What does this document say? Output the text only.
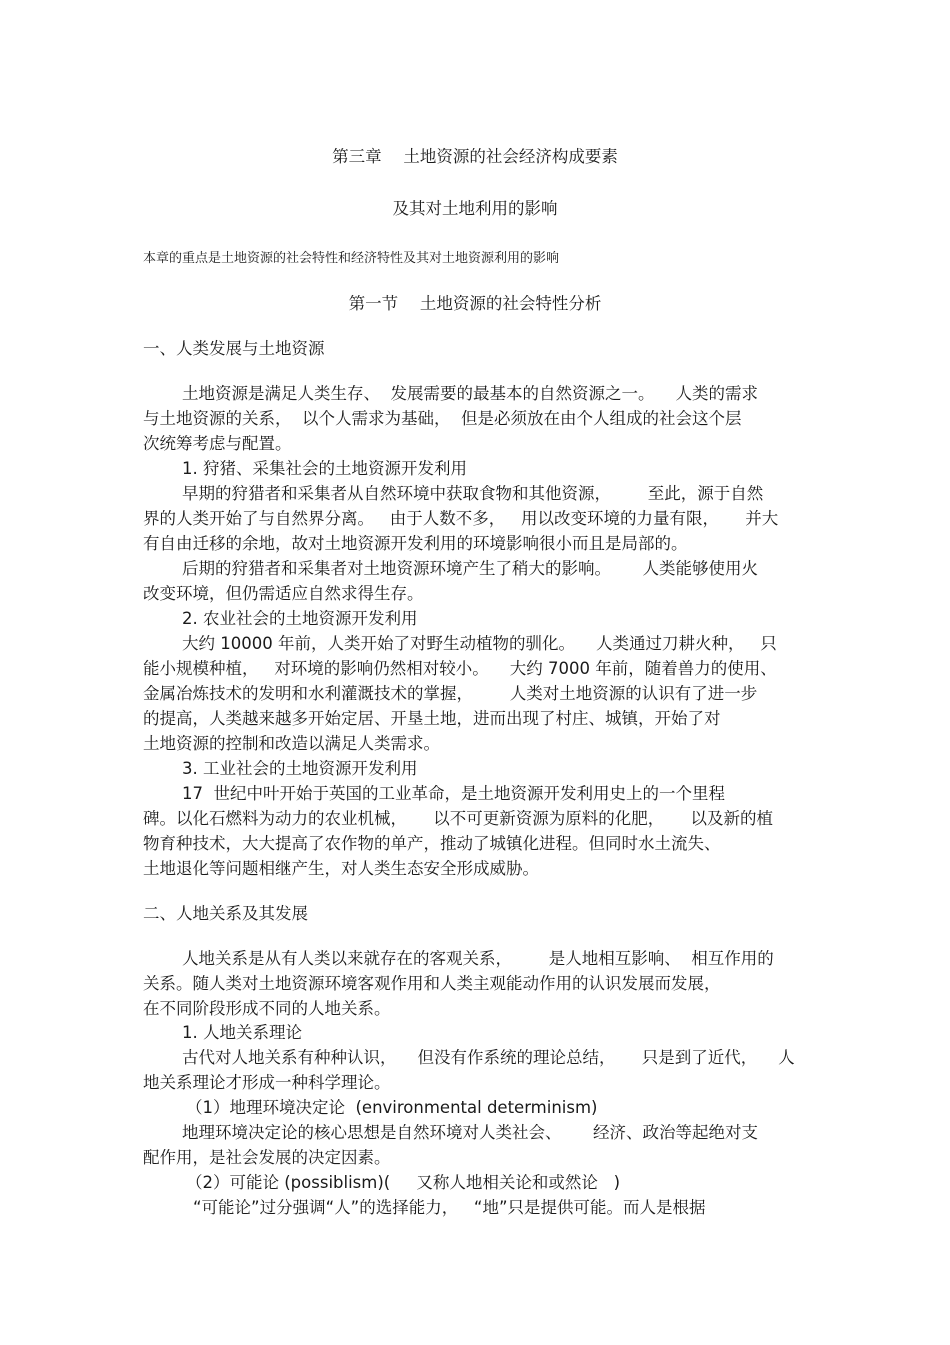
第三章　 土地资源的社会经济构成要素
及其对土地利用的影响
本章的重点是土地资源的社会特性和经济特性及其对土地资源利用的影响
第一节　 土地资源的社会特性分析
一、人类发展与土地资源
土地资源是满足人类生存、  发展需要的最基本的自然资源之一。    人类的需求
与土地资源的关系，  以个人需求为基础，  但是必须放在由个人组成的社会这个层
次统筹考虑与配置。
1. 狩猪、采集社会的土地资源开发利用
早期的狩猎者和采集者从自然环境中获取食物和其他资源，       至此，源于自然
界的人类开始了与自然界分离。   由于人数不多，   用以改变环境的力量有限，     并大
有自由迁移的余地，故对土地资源开发利用的环境影响很小而且是局部的。
后期的狩猎者和采集者对土地资源环境产生了稍大的影响。      人类能够使用火
改变环境，但仍需适应自然求得生存。
2. 农业社会的土地资源开发利用
大约 10000 年前，人类开始了对野生动植物的驯化。    人类通过刀耕火种，   只
能小规模种植，   对环境的影响仍然相对较小。    大约 7000 年前，随着兽力的使用、
金属冶炼技术的发明和水利灌溉技术的掌握，       人类对土地资源的认识有了进一步
的提高，人类越来越多开始定居、开垦土地，进而出现了村庄、城镇，开始了对
土地资源的控制和改造以满足人类需求。
3. 工业社会的土地资源开发利用
17  世纪中叶开始于英国的工业革命，是土地资源开发利用史上的一个里程
碑。以化石燃料为动力的农业机械，     以不可更新资源为原料的化肥，     以及新的植
物育种技术，大大提高了农作物的单产，推动了城镇化进程。但同时水土流失、
土地退化等问题相继产生，对人类生态安全形成威胁。
二、人地关系及其发展
人地关系是从有人类以来就存在的客观关系，       是人地相互影响、  相互作用的
关系。随人类对土地资源环境客观作用和人类主观能动作用的认识发展而发展，
在不同阶段形成不同的人地关系。
1. 人地关系理论
古代对人地关系有种种认识，    但没有作系统的理论总结，     只是到了近代，    人
地关系理论才形成一种科学理论。
（1）地理环境决定论  (environmental determinism)
地理环境决定论的核心思想是自然环境对人类社会、      经济、政治等起绝对支
配作用，是社会发展的决定因素。
（2）可能论 (possiblism)(     又称人地相关论和或然论   )
“可能论”过分强调“人”的选择能力，   “地”只是提供可能。而人是根据
